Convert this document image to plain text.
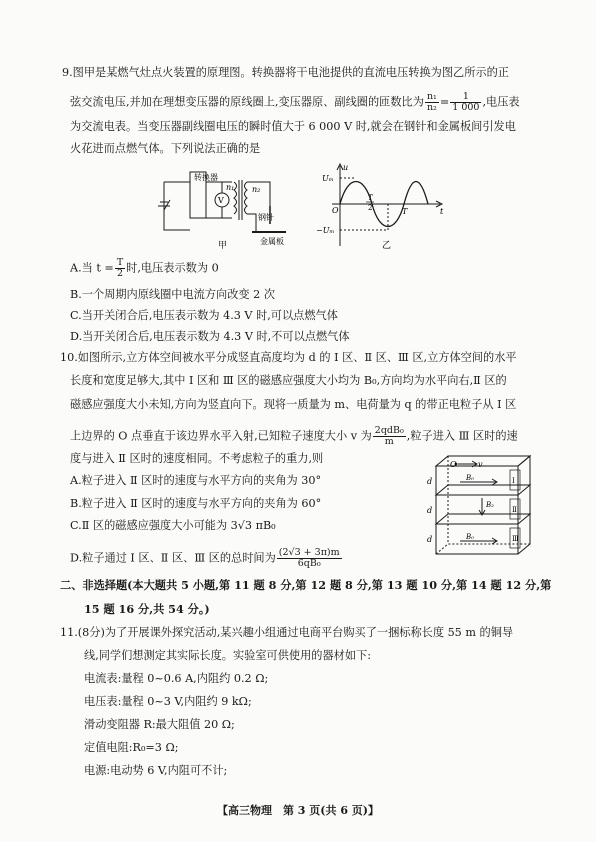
9.图甲是某燃气灶点火装置的原理图。转换器将干电池提供的直流电压转换为图乙所示的正
弦交流电压,并加在理想变压器的原线圈上,变压器原、副线圈的匝数比为 $\frac{\text{n₁}}{\text{n₂}} = \frac{1}{1 000}$ ,电压表
为交流电表。当变压器副线圈电压的瞬时值大于 6 000 V 时,就会在钢针和金属板间引发电
火花进而点燃气体。下列说法正确的是
转换器
V
n₁ n₂
钢针
金属板
甲
u
t
Uₘ
−Uₘ
O
T
2	T
乙
A.当 $t = \frac{T}{2}$ 时,电压表示数为 0
B.一个周期内原线圈中电流方向改变 2 次
C.当开关闭合后,电压表示数为 4.3 V 时,可以点燃气体
D.当开关闭合后,电压表示数为 4.3 V 时,不可以点燃气体
10.如图所示,立方体空间被水平分成竖直高度均为 d 的 Ⅰ 区、Ⅱ 区、Ⅲ 区,立方体空间的水平
长度和宽度足够大,其中 Ⅰ 区和 Ⅲ 区的磁感应强度大小均为 B₀,方向均为水平向右,Ⅱ 区的
磁感应强度大小未知,方向为竖直向下。现将一质量为 m、电荷量为 q 的带正电粒子从 Ⅰ 区
上边界的 O 点垂直于该边界水平入射,已知粒子速度大小 v 为 $\frac{\text{2qdB₀}}{m}$ ,粒子进入 Ⅲ 区时的速
度与进入 Ⅱ 区时的速度相同。不考虑粒子的重力,则
A.粒子进入 Ⅱ 区时的速度与水平方向的夹角为 30°
B.粒子进入 Ⅱ 区时的速度与水平方向的夹角为 60°
C.Ⅱ 区的磁感应强度大小可能为 3√3 πB₀
D.粒子通过 Ⅰ 区、Ⅱ 区、Ⅲ 区的总时间为 $\frac{(2√3 + 3\pi)m}{\text{6qB₀}}$
O	v
B₀
B₂
B₀
d
d
d
Ⅰ
Ⅱ
Ⅲ
二、非选择题(本大题共 5 小题,第 11 题 8 分,第 12 题 8 分,第 13 题 10 分,第 14 题 12 分,第
15 题 16 分,共 54 分。)
11.(8分)为了开展课外探究活动,某兴趣小组通过电商平台购买了一捆标称长度 55 m 的铜导
线,同学们想测定其实际长度。实验室可供使用的器材如下:
电流表:量程 0~0.6 A,内阻约 0.2 Ω;
电压表:量程 0~3 V,内阻约 9 kΩ;
滑动变阻器 R:最大阻值 20 Ω;
定值电阻:R₀=3 Ω;
电源:电动势 6 V,内阻可不计;
【高三物理　第 3 页(共 6 页)】
